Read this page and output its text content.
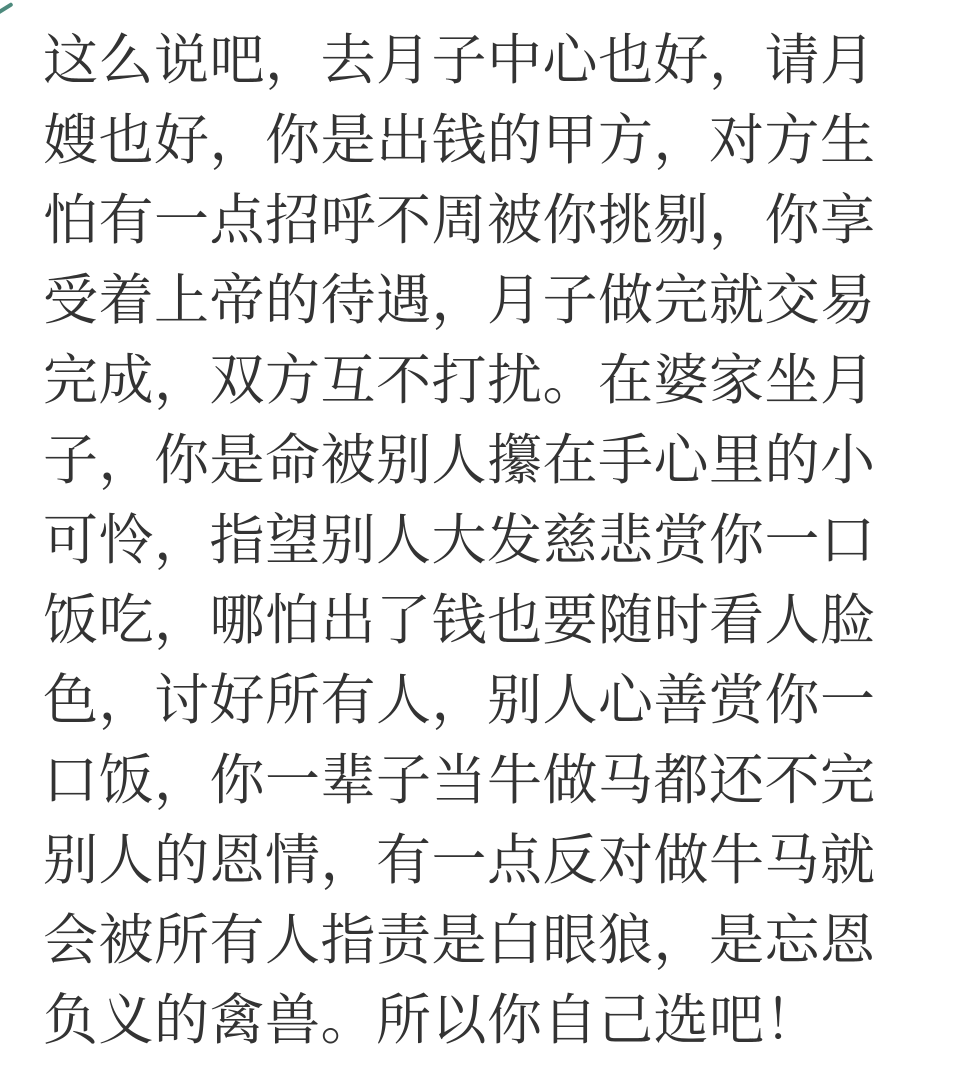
这么说吧，去月子中心也好，请月
嫂也好，你是出钱的甲方，对方生
怕有一点招呼不周被你挑剔，你享
受着上帝的待遇，月子做完就交易
完成，双方互不打扰。在婆家坐月
子，你是命被别人攥在手心里的小
可怜，指望别人大发慈悲赏你一口
饭吃，哪怕出了钱也要随时看人脸
色，讨好所有人，别人心善赏你一
口饭，你一辈子当牛做马都还不完
别人的恩情，有一点反对做牛马就
会被所有人指责是白眼狼，是忘恩
负义的禽兽。所以你自己选吧！
